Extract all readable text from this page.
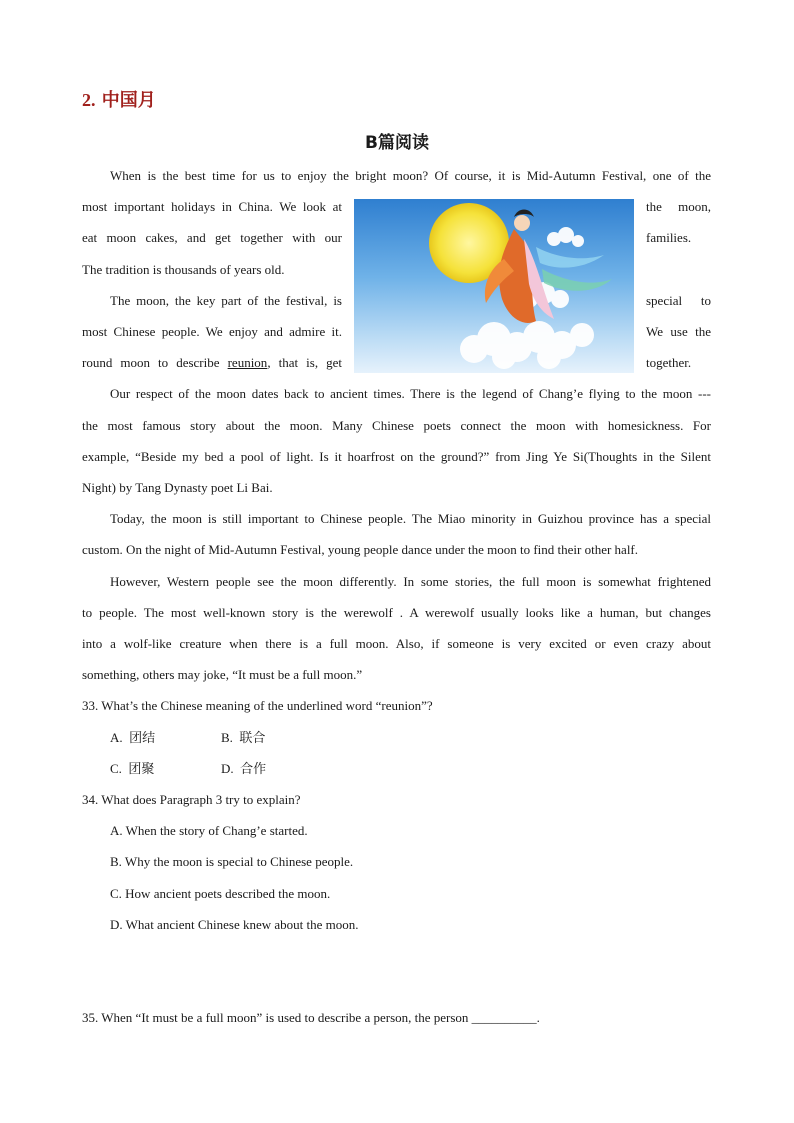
2. 中国月
B篇阅读
When is the best time for us to enjoy the bright moon? Of course, it is Mid-Autumn Festival, one of the
most important holidays in China. We look at	the moon,
eat moon cakes, and get together with our	families.
The tradition is thousands of years old.
The moon, the key part of the festival, is	special to
most Chinese people. We enjoy and admire it.	We use the
round moon to describe reunion, that is, get	together.
Our respect of the moon dates back to ancient times. There is the legend of Chang’e flying to the moon ---
the most famous story about the moon. Many Chinese poets connect the moon with homesickness. For
example, “Beside my bed a pool of light. Is it hoarfrost on the ground?” from Jing Ye Si(Thoughts in the Silent
Night) by Tang Dynasty poet Li Bai.
Today, the moon is still important to Chinese people. The Miao minority in Guizhou province has a special
custom. On the night of Mid-Autumn Festival, young people dance under the moon to find their other half.
However, Western people see the moon differently. In some stories, the full moon is somewhat frightened
to people. The most well-known story is the werewolf . A werewolf usually looks like a human, but changes
into a wolf-like creature when there is a full moon. Also, if someone is very excited or even crazy about
something, others may joke, “It must be a full moon.”
33. What’s the Chinese meaning of the underlined word “reunion”?
A. 团结	B. 联合
C. 团聚	D. 合作
34. What does Paragraph 3 try to explain?
A. When the story of Chang’e started.
B. Why the moon is special to Chinese people.
C. How ancient poets described the moon.
D. What ancient Chinese knew about the moon.
35. When “It must be a full moon” is used to describe a person, the person __________.
